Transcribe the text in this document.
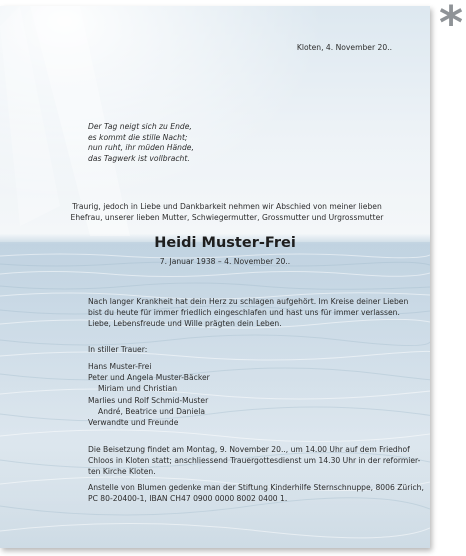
*
Kloten, 4. November 20..
Der Tag neigt sich zu Ende,
es kommt die stille Nacht;
nun ruht, ihr müden Hände,
das Tagwerk ist vollbracht.
Traurig, jedoch in Liebe und Dankbarkeit nehmen wir Abschied von meiner lieben
Ehefrau, unserer lieben Mutter, Schwiegermutter, Grossmutter und Urgrossmutter
Heidi Muster-Frei
7. Januar 1938 – 4. November 20..
Nach langer Krankheit hat dein Herz zu schlagen aufgehört. Im Kreise deiner Lieben
bist du heute für immer friedlich eingeschlafen und hast uns für immer verlassen.
Liebe, Lebensfreude und Wille prägten dein Leben.
In stiller Trauer:
Hans Muster-Frei
Peter und Angela Muster-Bäcker
Miriam und Christian
Marlies und Rolf Schmid-Muster
André, Beatrice und Daniela
Verwandte und Freunde
Die Beisetzung findet am Montag, 9. November 20.., um 14.00 Uhr auf dem Friedhof
Chloos in Kloten statt; anschliessend Trauergottesdienst um 14.30 Uhr in der reformier-
ten Kirche Kloten.
Anstelle von Blumen gedenke man der Stiftung Kinderhilfe Sternschnuppe, 8006 Zürich,
PC 80-20400-1, IBAN CH47 0900 0000 8002 0400 1.
